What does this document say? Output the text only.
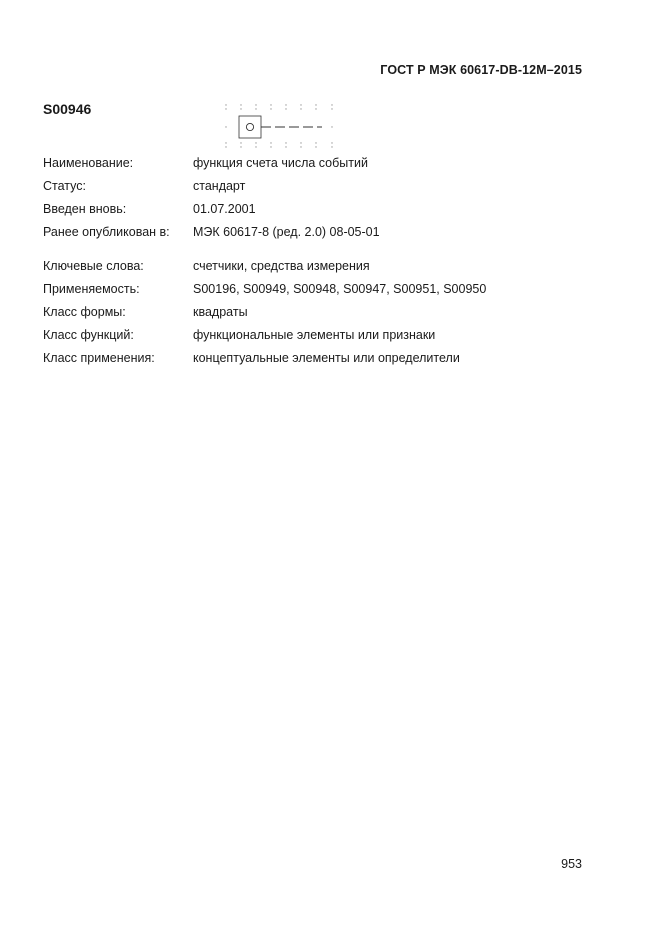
ГОСТ Р МЭК 60617-DB-12M–2015
S00946
Наименование:	функция счета числа событий
Статус:	стандарт
Введен вновь:	01.07.2001
Ранее опубликован в:	МЭК 60617-8 (ред. 2.0) 08-05-01
Ключевые слова:	счетчики, средства измерения
Применяемость:	S00196, S00949, S00948, S00947, S00951, S00950
Класс формы:	квадраты
Класс функций:	функциональные элементы или признаки
Класс применения:	концептуальные элементы или определители
953
